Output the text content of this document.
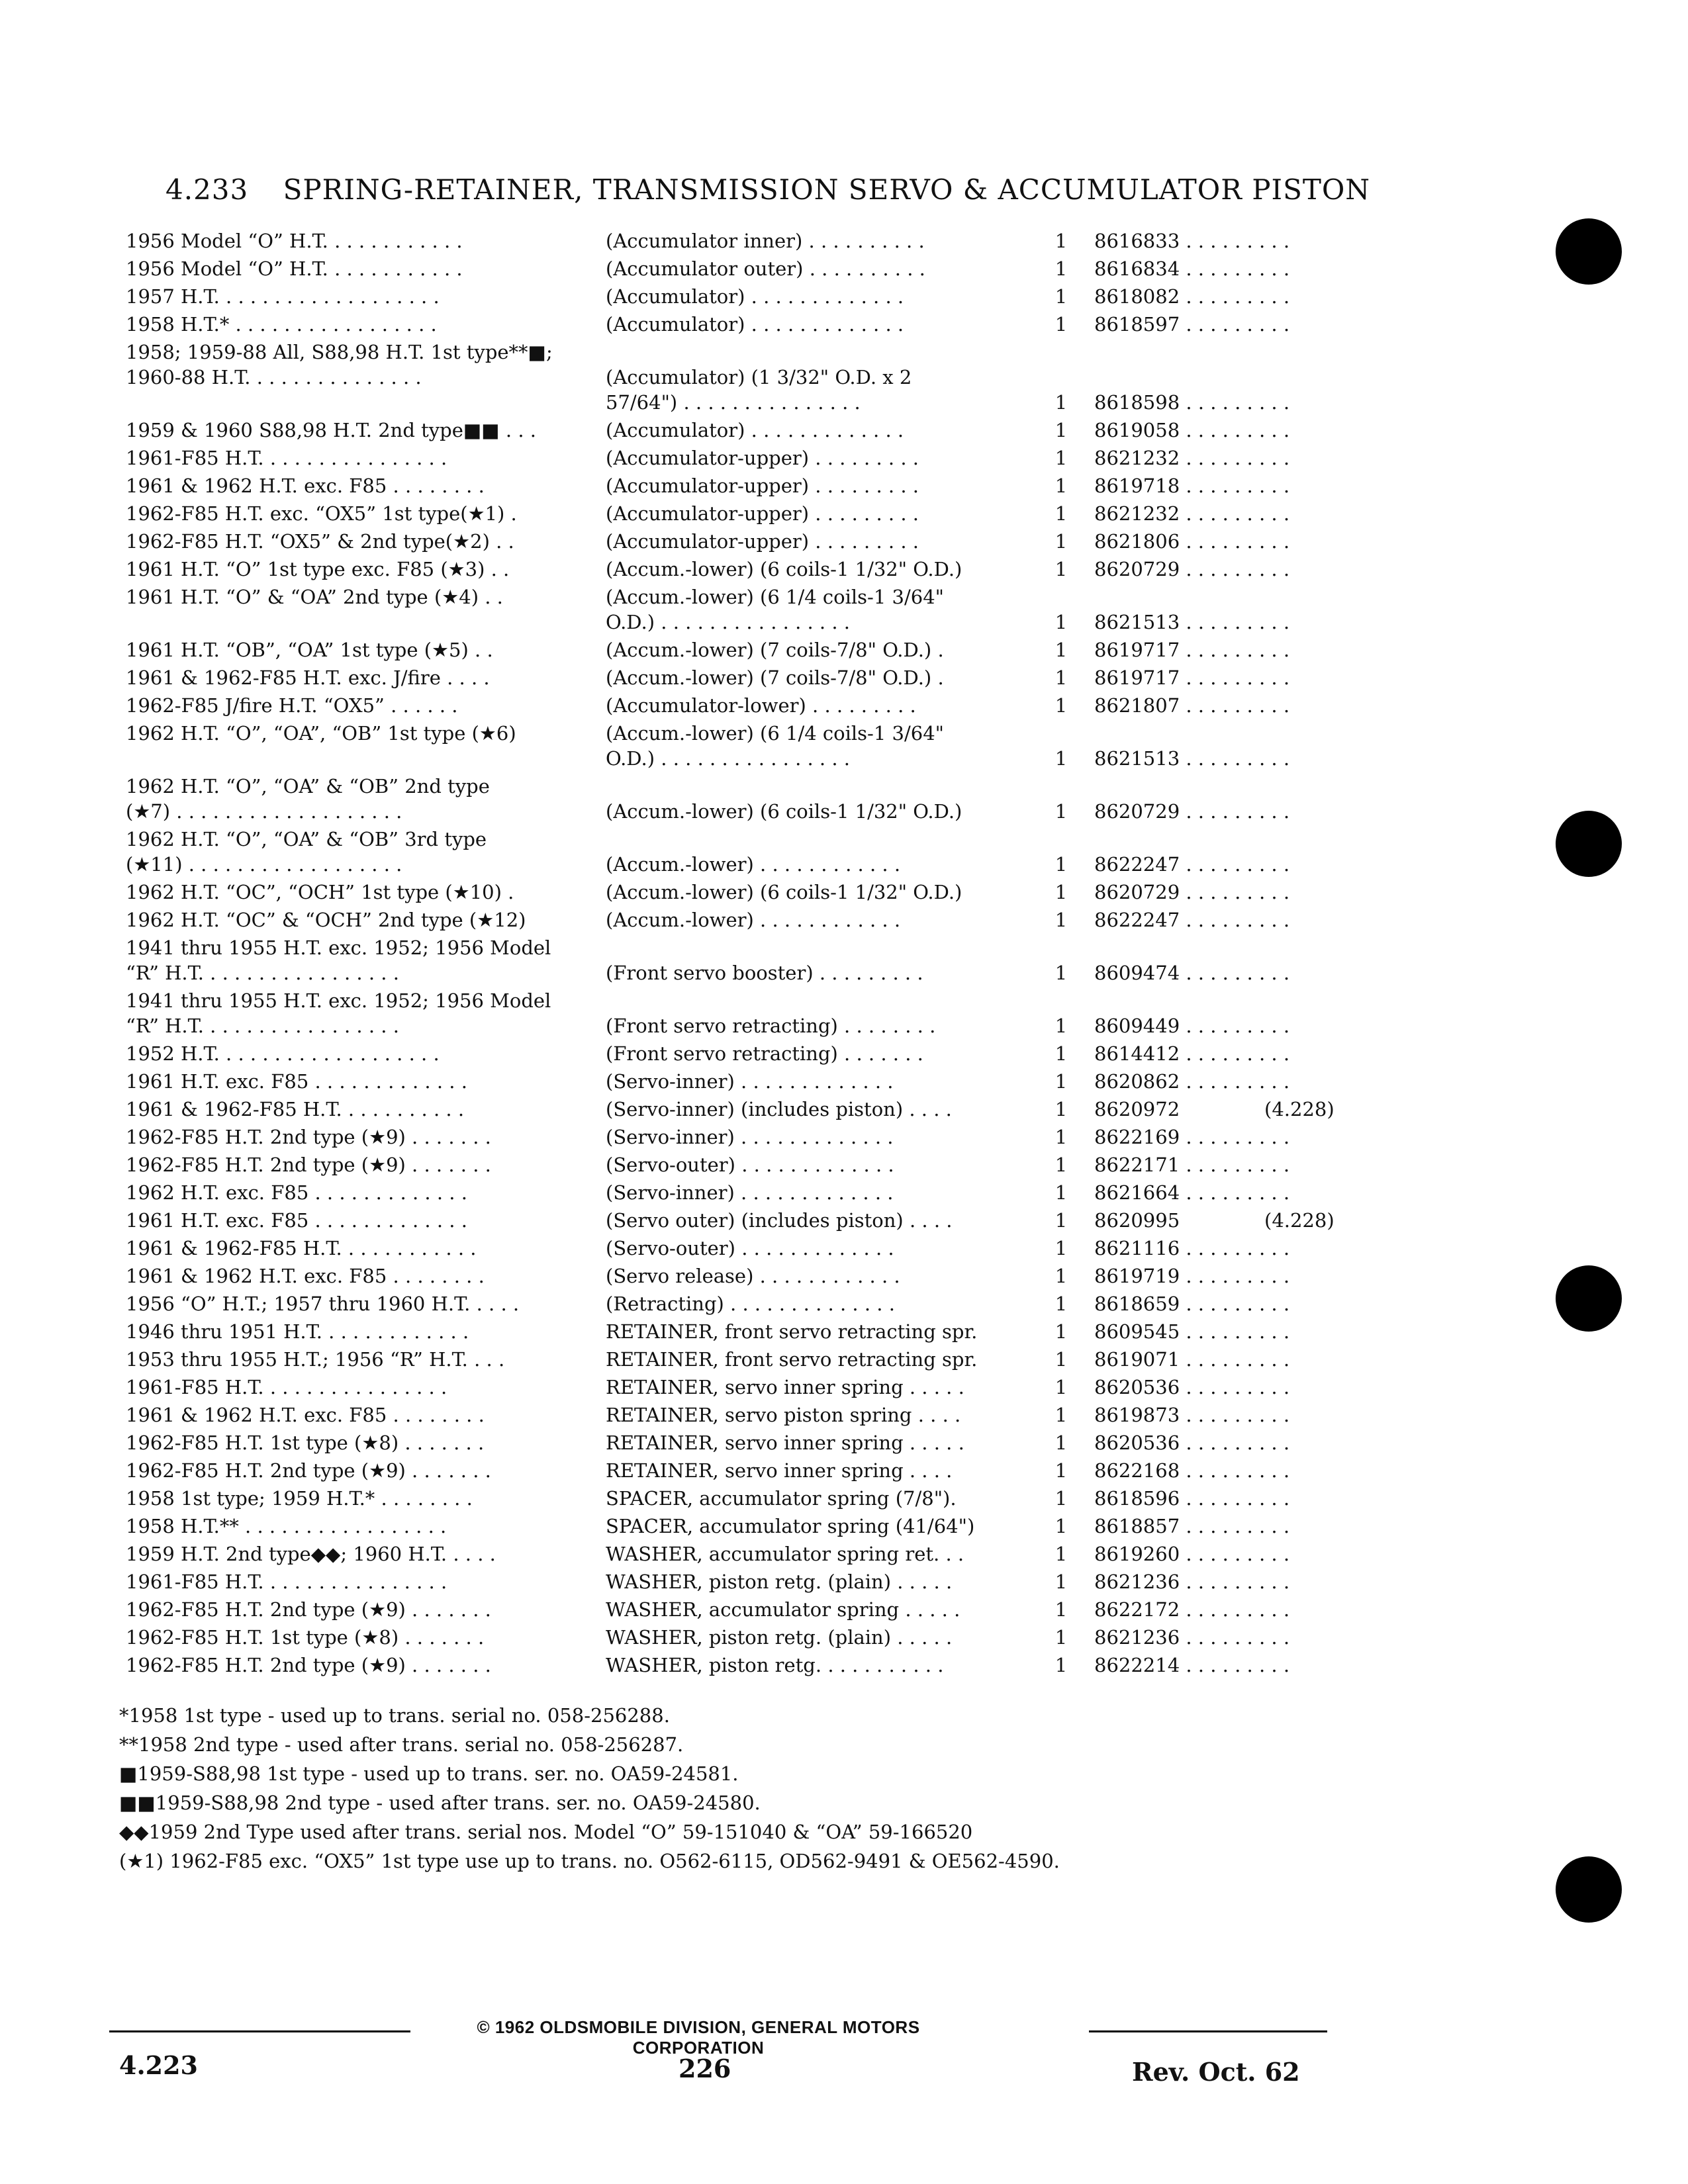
4.233 SPRING-RETAINER, TRANSMISSION SERVO & ACCUMULATOR PISTON
1956 Model “O” H.T. . . . . . . . . . . .	(Accumulator inner) . . . . . . . . . .	1	8616833 . . . . . . . . .
1956 Model “O” H.T. . . . . . . . . . . .	(Accumulator outer) . . . . . . . . . .	1	8616834 . . . . . . . . .
1957 H.T. . . . . . . . . . . . . . . . . . .	(Accumulator) . . . . . . . . . . . . .	1	8618082 . . . . . . . . .
1958 H.T.* . . . . . . . . . . . . . . . . .	(Accumulator) . . . . . . . . . . . . .	1	8618597 . . . . . . . . .
1958; 1959-88 All, S88,98 H.T. 1st type**■;
1960-88 H.T. . . . . . . . . . . . . . .	(Accumulator) (1 3/32" O.D. x 2
57/64") . . . . . . . . . . . . . . .	1	8618598 . . . . . . . . .
1959 & 1960 S88,98 H.T. 2nd type■■ . . .	(Accumulator) . . . . . . . . . . . . .	1	8619058 . . . . . . . . .
1961-F85 H.T. . . . . . . . . . . . . . . .	(Accumulator-upper) . . . . . . . . .	1	8621232 . . . . . . . . .
1961 & 1962 H.T. exc. F85 . . . . . . . .	(Accumulator-upper) . . . . . . . . .	1	8619718 . . . . . . . . .
1962-F85 H.T. exc. “OX5” 1st type(★1) .	(Accumulator-upper) . . . . . . . . .	1	8621232 . . . . . . . . .
1962-F85 H.T. “OX5” & 2nd type(★2) . .	(Accumulator-upper) . . . . . . . . .	1	8621806 . . . . . . . . .
1961 H.T. “O” 1st type exc. F85 (★3) . .	(Accum.-lower) (6 coils-1 1/32" O.D.)	1	8620729 . . . . . . . . .
1961 H.T. “O” & “OA” 2nd type (★4) . .	(Accum.-lower) (6 1/4 coils-1 3/64"
O.D.) . . . . . . . . . . . . . . . .	1	8621513 . . . . . . . . .
1961 H.T. “OB”, “OA” 1st type (★5) . .	(Accum.-lower) (7 coils-7/8" O.D.) .	1	8619717 . . . . . . . . .
1961 & 1962-F85 H.T. exc. J/fire . . . .	(Accum.-lower) (7 coils-7/8" O.D.) .	1	8619717 . . . . . . . . .
1962-F85 J/fire H.T. “OX5” . . . . . .	(Accumulator-lower) . . . . . . . . .	1	8621807 . . . . . . . . .
1962 H.T. “O”, “OA”, “OB” 1st type (★6)	(Accum.-lower) (6 1/4 coils-1 3/64"
O.D.) . . . . . . . . . . . . . . . .	1	8621513 . . . . . . . . .
1962 H.T. “O”, “OA” & “OB” 2nd type
(★7) . . . . . . . . . . . . . . . . . . .	(Accum.-lower) (6 coils-1 1/32" O.D.)	1	8620729 . . . . . . . . .
1962 H.T. “O”, “OA” & “OB” 3rd type
(★11) . . . . . . . . . . . . . . . . . .	(Accum.-lower) . . . . . . . . . . . .	1	8622247 . . . . . . . . .
1962 H.T. “OC”, “OCH” 1st type (★10) .	(Accum.-lower) (6 coils-1 1/32" O.D.)	1	8620729 . . . . . . . . .
1962 H.T. “OC” & “OCH” 2nd type (★12)	(Accum.-lower) . . . . . . . . . . . .	1	8622247 . . . . . . . . .
1941 thru 1955 H.T. exc. 1952; 1956 Model
“R” H.T. . . . . . . . . . . . . . . . .	(Front servo booster) . . . . . . . . .	1	8609474 . . . . . . . . .
1941 thru 1955 H.T. exc. 1952; 1956 Model
“R” H.T. . . . . . . . . . . . . . . . .	(Front servo retracting) . . . . . . . .	1	8609449 . . . . . . . . .
1952 H.T. . . . . . . . . . . . . . . . . . .	(Front servo retracting) . . . . . . .	1	8614412 . . . . . . . . .
1961 H.T. exc. F85 . . . . . . . . . . . . .	(Servo-inner) . . . . . . . . . . . . .	1	8620862 . . . . . . . . .
1961 & 1962-F85 H.T. . . . . . . . . . .	(Servo-inner) (includes piston) . . . .	1	8620972	(4.228)
1962-F85 H.T. 2nd type (★9) . . . . . . .	(Servo-inner) . . . . . . . . . . . . .	1	8622169 . . . . . . . . .
1962-F85 H.T. 2nd type (★9) . . . . . . .	(Servo-outer) . . . . . . . . . . . . .	1	8622171 . . . . . . . . .
1962 H.T. exc. F85 . . . . . . . . . . . . .	(Servo-inner) . . . . . . . . . . . . .	1	8621664 . . . . . . . . .
1961 H.T. exc. F85 . . . . . . . . . . . . .	(Servo outer) (includes piston) . . . .	1	8620995	(4.228)
1961 & 1962-F85 H.T. . . . . . . . . . . .	(Servo-outer) . . . . . . . . . . . . .	1	8621116 . . . . . . . . .
1961 & 1962 H.T. exc. F85 . . . . . . . .	(Servo release) . . . . . . . . . . . .	1	8619719 . . . . . . . . .
1956 “O” H.T.; 1957 thru 1960 H.T. . . . .	(Retracting) . . . . . . . . . . . . . .	1	8618659 . . . . . . . . .
1946 thru 1951 H.T. . . . . . . . . . . . .	RETAINER, front servo retracting spr.	1	8609545 . . . . . . . . .
1953 thru 1955 H.T.; 1956 “R” H.T. . . .	RETAINER, front servo retracting spr.	1	8619071 . . . . . . . . .
1961-F85 H.T. . . . . . . . . . . . . . . .	RETAINER, servo inner spring . . . . .	1	8620536 . . . . . . . . .
1961 & 1962 H.T. exc. F85 . . . . . . . .	RETAINER, servo piston spring . . . .	1	8619873 . . . . . . . . .
1962-F85 H.T. 1st type (★8) . . . . . . .	RETAINER, servo inner spring . . . . .	1	8620536 . . . . . . . . .
1962-F85 H.T. 2nd type (★9) . . . . . . .	RETAINER, servo inner spring . . . .	1	8622168 . . . . . . . . .
1958 1st type; 1959 H.T.* . . . . . . . .	SPACER, accumulator spring (7/8").	1	8618596 . . . . . . . . .
1958 H.T.** . . . . . . . . . . . . . . . . .	SPACER, accumulator spring (41/64")	1	8618857 . . . . . . . . .
1959 H.T. 2nd type◆◆; 1960 H.T. . . . .	WASHER, accumulator spring ret. . .	1	8619260 . . . . . . . . .
1961-F85 H.T. . . . . . . . . . . . . . . .	WASHER, piston retg. (plain) . . . . .	1	8621236 . . . . . . . . .
1962-F85 H.T. 2nd type (★9) . . . . . . .	WASHER, accumulator spring . . . . .	1	8622172 . . . . . . . . .
1962-F85 H.T. 1st type (★8) . . . . . . .	WASHER, piston retg. (plain) . . . . .	1	8621236 . . . . . . . . .
1962-F85 H.T. 2nd type (★9) . . . . . . .	WASHER, piston retg. . . . . . . . . . .	1	8622214 . . . . . . . . .
*1958 1st type - used up to trans. serial no. 058-256288.
**1958 2nd type - used after trans. serial no. 058-256287.
■1959-S88,98 1st type - used up to trans. ser. no. OA59-24581.
■■1959-S88,98 2nd type - used after trans. ser. no. OA59-24580.
◆◆1959 2nd Type used after trans. serial nos. Model “O” 59-151040 & “OA” 59-166520
(★1) 1962-F85 exc. “OX5” 1st type use up to trans. no. O562-6115, OD562-9491 & OE562-4590.
© 1962 OLDSMOBILE DIVISION, GENERAL MOTORS CORPORATION
4.223	226	Rev. Oct. 62
